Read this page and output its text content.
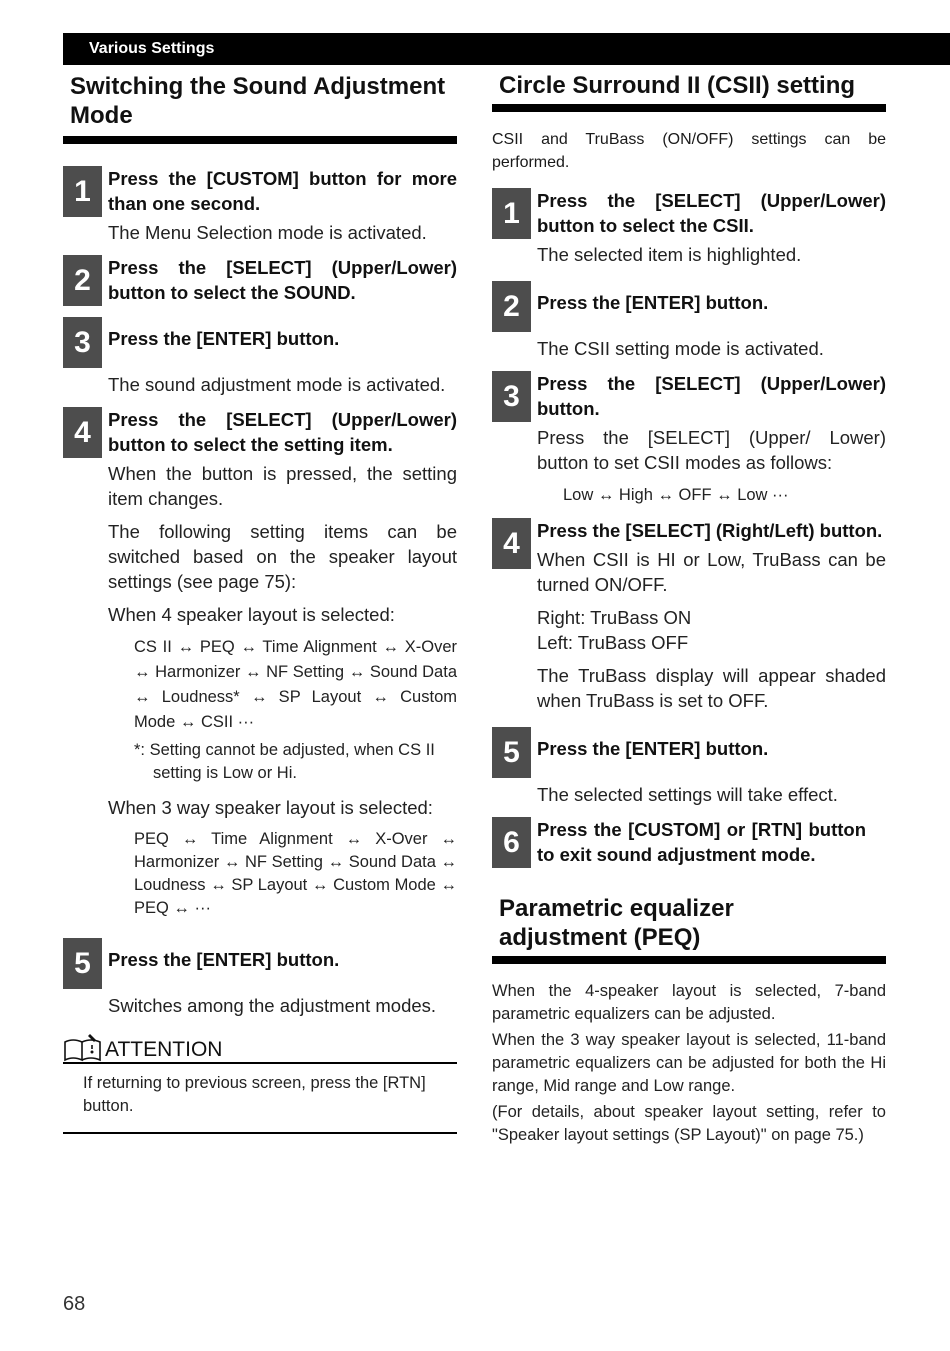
Various Settings
Switching the Sound Adjustment Mode
1 Press the [CUSTOM] button for more than one second.

The Menu Selection mode is activated.

2 Press the [SELECT] (Upper/Lower) button to select the SOUND.

3 Press the [ENTER] button.

The sound adjustment mode is activated.

4 Press the [SELECT] (Upper/Lower) button to select the setting item.

When the button is pressed, the setting item changes.

The following setting items can be switched based on the speaker layout settings (see page 75):

When 4 speaker layout is selected:

CS II ↔ PEQ ↔ Time Alignment ↔ X-Over ↔ Harmonizer ↔ NF Setting ↔ Sound Data ↔ Loudness* ↔ SP Layout ↔ Custom Mode ↔ CSII ···

*: Setting cannot be adjusted, when CS II setting is Low or Hi.

When 3 way speaker layout is selected:

PEQ ↔ Time Alignment ↔ X-Over ↔ Harmonizer ↔ NF Setting ↔ Sound Data ↔ Loudness ↔ SP Layout ↔ Custom Mode ↔ PEQ ↔ ···

5 Press the [ENTER] button.

Switches among the adjustment modes.

ATTENTION

If returning to previous screen, press the [RTN] button.

Circle Surround II (CSII) setting

CSII and TruBass (ON/OFF) settings can be performed.

1 Press the [SELECT] (Upper/Lower) button to select the CSII.

The selected item is highlighted.

2 Press the [ENTER] button.

The CSII setting mode is activated.

3 Press the [SELECT] (Upper/Lower) button.

Press the [SELECT] (Upper/ Lower) button to set CSII modes as follows:

Low ↔ High ↔ OFF ↔ Low ···

4 Press the [SELECT] (Right/Left) button.

When CSII is HI or Low, TruBass can be turned ON/OFF.

Right: TruBass ON

Left: TruBass OFF

The TruBass display will appear shaded when TruBass is set to OFF.

5 Press the [ENTER] button.

The selected settings will take effect.

6 Press the [CUSTOM] or [RTN] button to exit sound adjustment mode.

Parametric equalizer adjustment (PEQ)

When the 4-speaker layout is selected, 7-band parametric equalizers can be adjusted.

When the 3 way speaker layout is selected, 11-band parametric equalizers can be adjusted for both the Hi range, Mid range and Low range.

(For details, about speaker layout setting, refer to "Speaker layout settings (SP Layout)" on page 75.)

68
